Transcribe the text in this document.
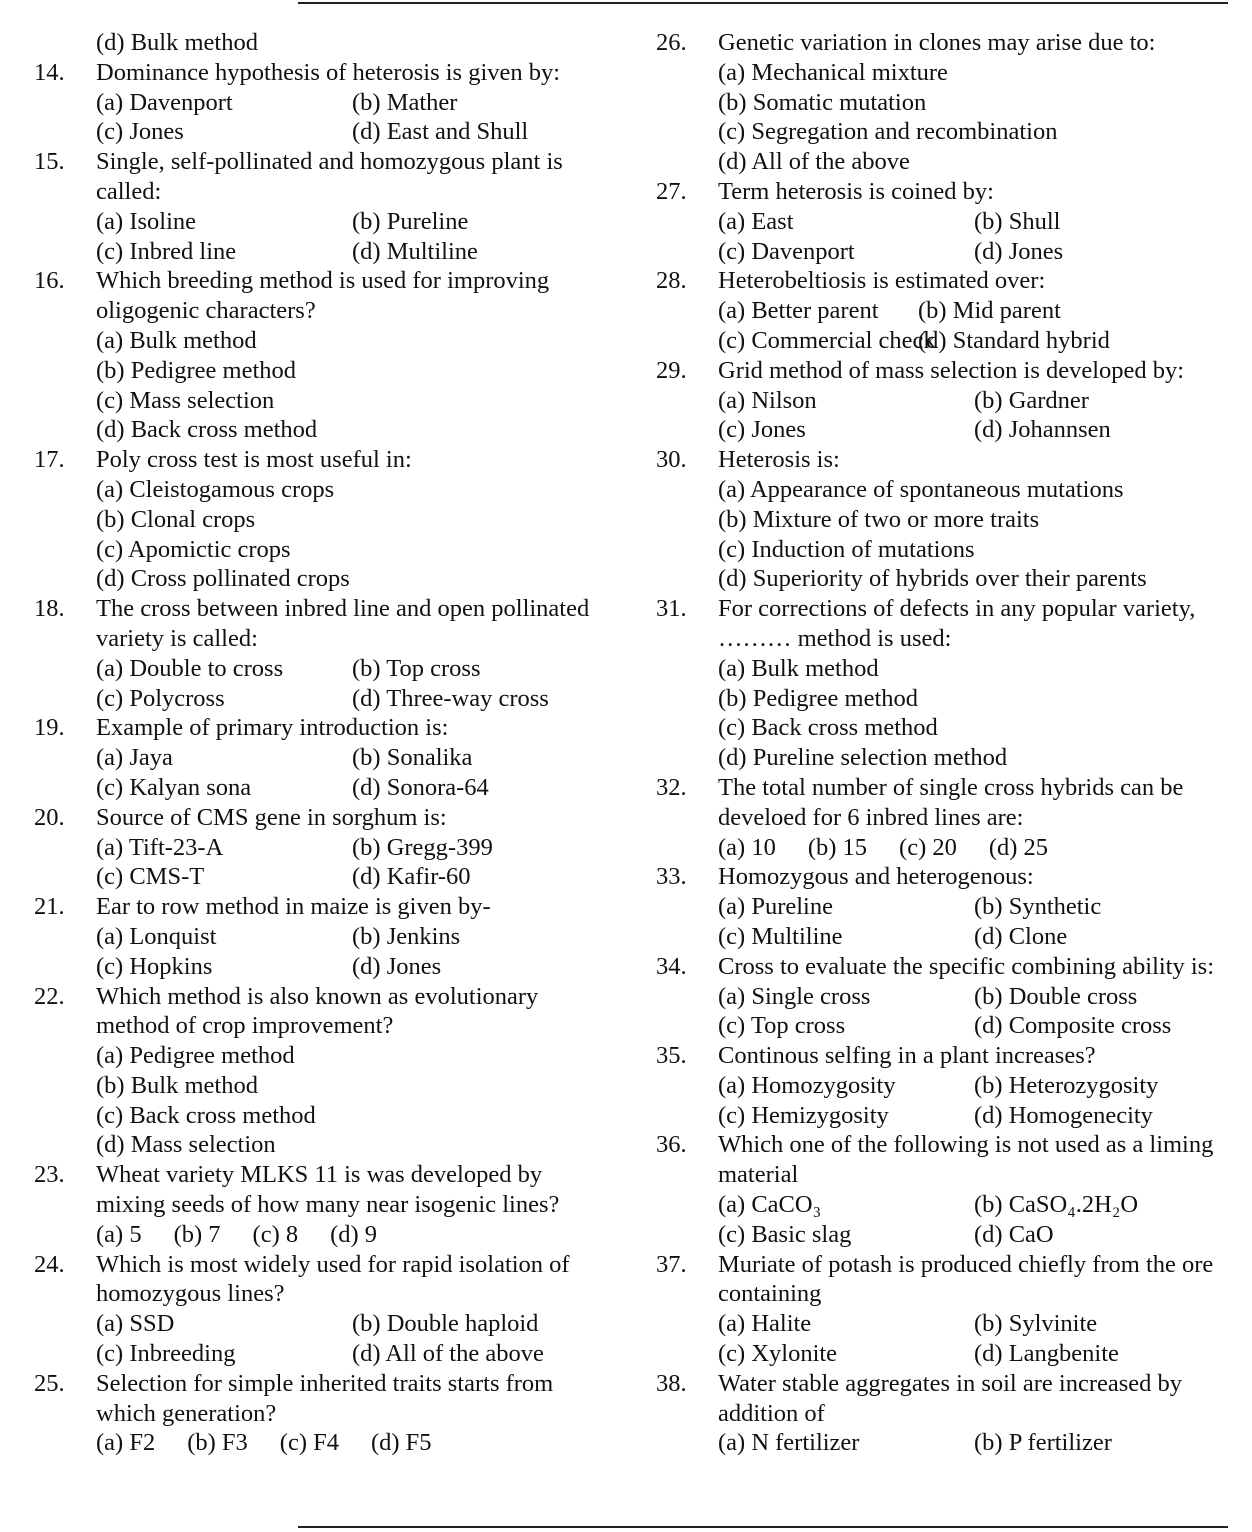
(d) Bulk method
14. Dominance hypothesis of heterosis is given by:
(a) Davenport	(b) Mather
(c) Jones	(d) East and Shull
15. Single, self-pollinated and homozygous plant is called:
(a) Isoline	(b) Pureline
(c) Inbred line	(d) Multiline
16. Which breeding method is used for improving oligogenic characters?
(a) Bulk method
(b) Pedigree method
(c) Mass selection
(d) Back cross method
17. Poly cross test is most useful in:
(a) Cleistogamous crops
(b) Clonal crops
(c) Apomictic crops
(d) Cross pollinated crops
18. The cross between inbred line and open pollinated variety is called:
(a) Double to cross	(b) Top cross
(c) Polycross	(d) Three-way cross
19. Example of primary introduction is:
(a) Jaya	(b) Sonalika
(c) Kalyan sona	(d) Sonora-64
20. Source of CMS gene in sorghum is:
(a) Tift-23-A	(b) Gregg-399
(c) CMS-T	(d) Kafir-60
21. Ear to row method in maize is given by-
(a) Lonquist	(b) Jenkins
(c) Hopkins	(d) Jones
22. Which method is also known as evolutionary method of crop improvement?
(a) Pedigree method
(b) Bulk method
(c) Back cross method
(d) Mass selection
23. Wheat variety MLKS 11 is was developed by mixing seeds of how many near isogenic lines?
(a) 5 (b) 7 (c) 8 (d) 9
24. Which is most widely used for rapid isolation of homozygous lines?
(a) SSD	(b) Double haploid
(c) Inbreeding	(d) All of the above
25. Selection for simple inherited traits starts from which generation?
(a) F2 (b) F3 (c) F4 (d) F5
26. Genetic variation in clones may arise due to:
(a) Mechanical mixture
(b) Somatic mutation
(c) Segregation and recombination
(d) All of the above
27. Term heterosis is coined by:
(a) East	(b) Shull
(c) Davenport	(d) Jones
28. Heterobeltiosis is estimated over:
(a) Better parent	(b) Mid parent
(c) Commercial check
(d) Standard hybrid
29. Grid method of mass selection is developed by:
(a) Nilson	(b) Gardner
(c) Jones	(d) Johannsen
30. Heterosis is:
(a) Appearance of spontaneous mutations
(b) Mixture of two or more traits
(c) Induction of mutations
(d) Superiority of hybrids over their parents
31. For corrections of defects in any popular variety, ……… method is used:
(a) Bulk method
(b) Pedigree method
(c) Back cross method
(d) Pureline selection method
32. The total number of single cross hybrids can be develoed for 6 inbred lines are:
(a) 10 (b) 15 (c) 20 (d) 25
33. Homozygous and heterogenous:
(a) Pureline	(b) Synthetic
(c) Multiline	(d) Clone
34. Cross to evaluate the specific combining ability is:
(a) Single cross	(b) Double cross
(c) Top cross	(d) Composite cross
35. Continous selfing in a plant increases?
(a) Homozygosity	(b) Heterozygosity
(c) Hemizygosity	(d) Homogenecity
36. Which one of the following is not used as a liming material
(a) CaCO₃	(b) CaSO₄.2H₂O
(c) Basic slag	(d) CaO
37. Muriate of potash is produced chiefly from the ore containing
(a) Halite	(b) Sylvinite
(c) Xylonite	(d) Langbenite
38. Water stable aggregates in soil are increased by addition of
(a) N fertilizer	(b) P fertilizer
